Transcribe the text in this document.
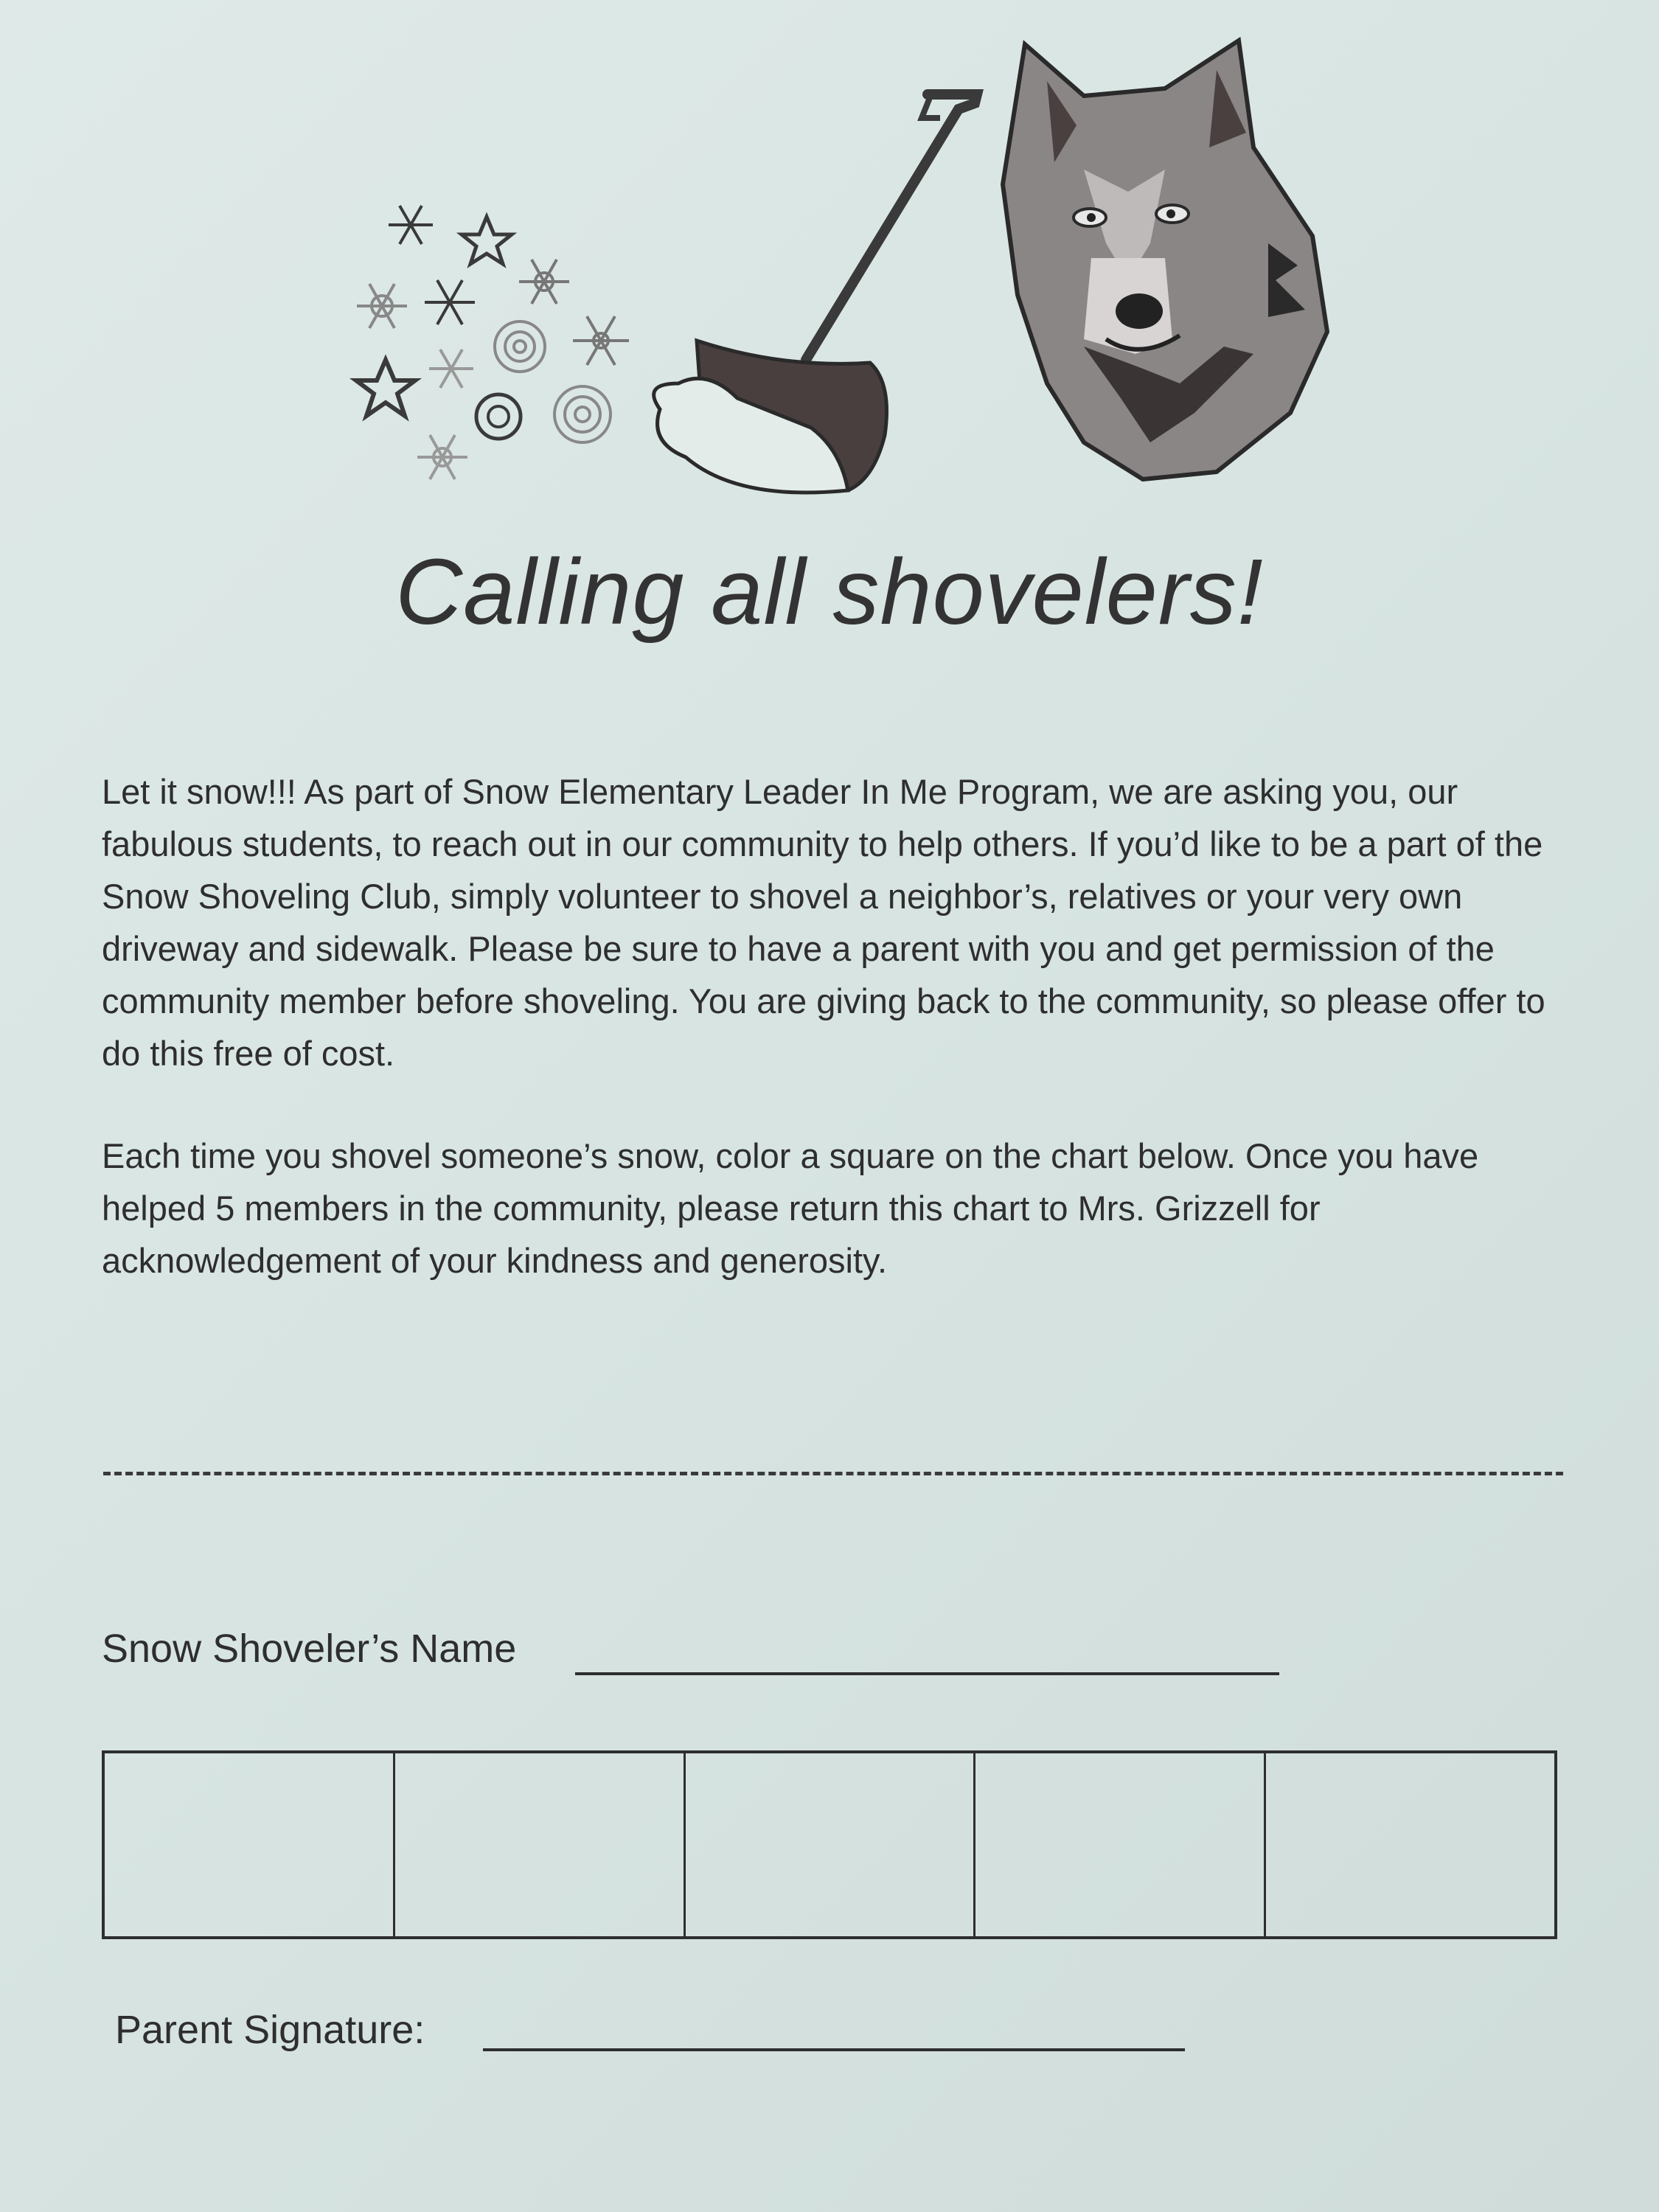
Calling all shovelers!

Let it snow!!! As part of Snow Elementary Leader In Me Program, we are asking you, our fabulous students, to reach out in our community to help others. If you’d like to be a part of the Snow Shoveling Club, simply volunteer to shovel a neighbor’s, relatives or your very own driveway and sidewalk. Please be sure to have a parent with you and get permission of the community member before shoveling. You are giving back to the community, so please offer to do this free of cost.

Each time you shovel someone’s snow, color a square on the chart below. Once you have helped 5 members in the community, please return this chart to Mrs. Grizzell for acknowledgement of your kindness and generosity.

Snow Shoveler’s Name
Parent Signature:
